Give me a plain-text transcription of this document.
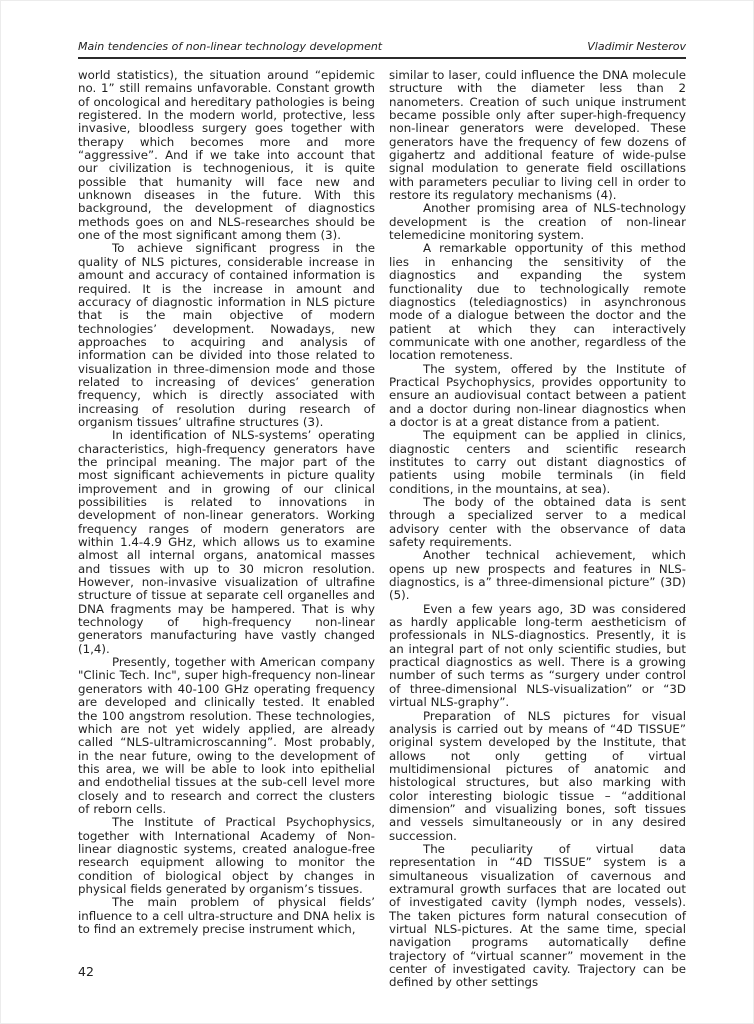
Main tendencies of non-linear technology development	Vladimir Nesterov

world statistics), the situation around “epidemic no. 1” still remains unfavorable. Constant growth of oncological and hereditary pathologies is being registered. In the modern world, protective, less invasive, bloodless surgery goes together with therapy which becomes more and more “aggressive”. And if we take into account that our civilization is technogenious, it is quite possible that humanity will face new and unknown diseases in the future. With this background, the development of diagnostics methods goes on and NLS-researches should be one of the most significant among them (3).

To achieve significant progress in the quality of NLS pictures, considerable increase in amount and accuracy of contained information is required. It is the increase in amount and accuracy of diagnostic information in NLS picture that is the main objective of modern technologies’ development. Nowadays, new approaches to acquiring and analysis of information can be divided into those related to visualization in three-dimension mode and those related to increasing of devices’ generation frequency, which is directly associated with increasing of resolution during research of organism tissues’ ultrafine structures (3).

In identification of NLS-systems’ operating characteristics, high-frequency generators have the principal meaning. The major part of the most significant achievements in picture quality improvement and in growing of our clinical possibilities is related to innovations in development of non-linear generators. Working frequency ranges of modern generators are within 1.4-4.9 GHz, which allows us to examine almost all internal organs, anatomical masses and tissues with up to 30 micron resolution. However, non-invasive visualization of ultrafine structure of tissue at separate cell organelles and DNA fragments may be hampered. That is why technology of high-frequency non-linear generators manufacturing have vastly changed (1,4).

Presently, together with American company "Clinic Tech. Inc", super high-frequency non-linear generators with 40-100 GHz operating frequency are developed and clinically tested. It enabled the 100 angstrom resolution. These technologies, which are not yet widely applied, are already called “NLS-ultramicroscanning”. Most probably, in the near future, owing to the development of this area, we will be able to look into epithelial and endothelial tissues at the sub-cell level more closely and to research and correct the clusters of reborn cells.

The Institute of Practical Psychophysics, together with International Academy of Non-linear diagnostic systems, created analogue-free research equipment allowing to monitor the condition of biological object by changes in physical fields generated by organism’s tissues.

The main problem of physical fields’ influence to a cell ultra-structure and DNA helix is to find an extremely precise instrument which,

similar to laser, could influence the DNA molecule structure with the diameter less than 2 nanometers. Creation of such unique instrument became possible only after super-high-frequency non-linear generators were developed. These generators have the frequency of few dozens of gigahertz and additional feature of wide-pulse signal modulation to generate field oscillations with parameters peculiar to living cell in order to restore its regulatory mechanisms (4).

Another promising area of NLS-technology development is the creation of non-linear telemedicine monitoring system.

A remarkable opportunity of this method lies in enhancing the sensitivity of the diagnostics and expanding the system functionality due to technologically remote diagnostics (telediagnostics) in asynchronous mode of a dialogue between the doctor and the patient at which they can interactively communicate with one another, regardless of the location remoteness.

The system, offered by the Institute of Practical Psychophysics, provides opportunity to ensure an audiovisual contact between a patient and a doctor during non-linear diagnostics when a doctor is at a great distance from a patient.

The equipment can be applied in clinics, diagnostic centers and scientific research institutes to carry out distant diagnostics of patients using mobile terminals (in field conditions, in the mountains, at sea).

The body of the obtained data is sent through a specialized server to a medical advisory center with the observance of data safety requirements.

Another technical achievement, which opens up new prospects and features in NLS-diagnostics, is a” three-dimensional picture” (3D) (5).

Even a few years ago, 3D was considered as hardly applicable long-term aestheticism of professionals in NLS-diagnostics. Presently, it is an integral part of not only scientific studies, but practical diagnostics as well. There is a growing number of such terms as “surgery under control of three-dimensional NLS-visualization” or “3D virtual NLS-graphy”.

Preparation of NLS pictures for visual analysis is carried out by means of “4D TISSUE” original system developed by the Institute, that allows not only getting of virtual multidimensional pictures of anatomic and histological structures, but also marking with color interesting biologic tissue – “additional dimension” and visualizing bones, soft tissues and vessels simultaneously or in any desired succession.

The peculiarity of virtual data representation in “4D TISSUE” system is a simultaneous visualization of cavernous and extramural growth surfaces that are located out of investigated cavity (lymph nodes, vessels). The taken pictures form natural consecution of virtual NLS-pictures. At the same time, special navigation programs automatically define trajectory of “virtual scanner” movement in the center of investigated cavity. Trajectory can be defined by other settings

42
